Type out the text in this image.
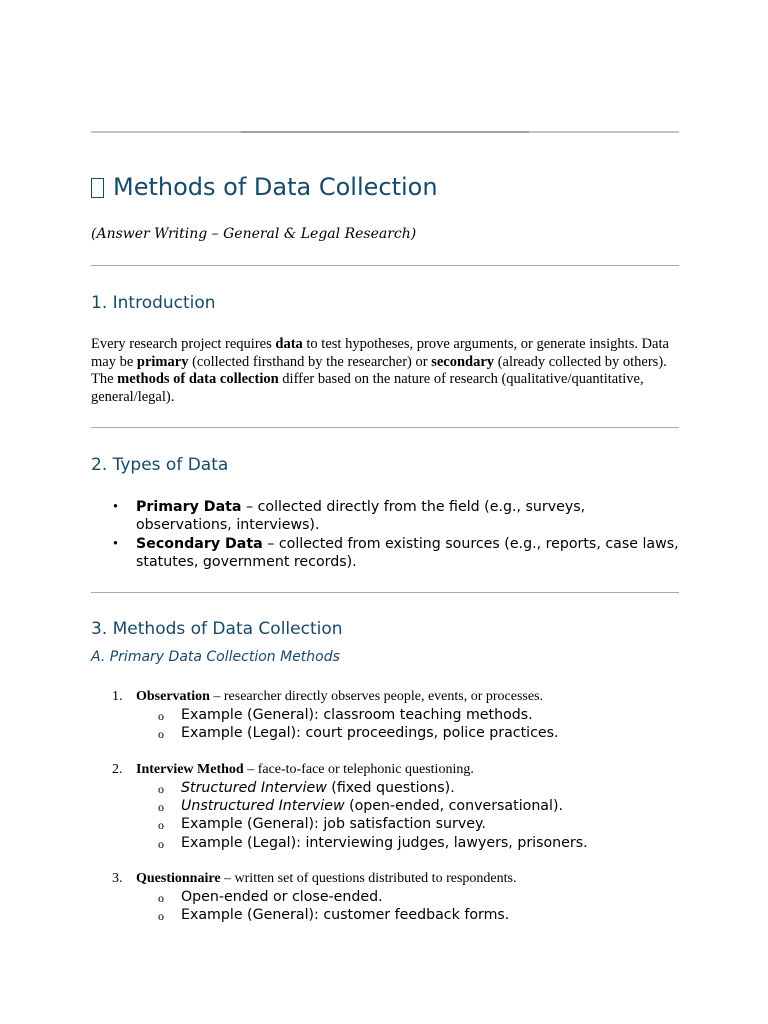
Methods of Data Collection

(Answer Writing – General & Legal Research)

1. Introduction

Every research project requires data to test hypotheses, prove arguments, or generate insights. Data may be primary (collected firsthand by the researcher) or secondary (already collected by others). The methods of data collection differ based on the nature of research (qualitative/quantitative, general/legal).

2. Types of Data
• Primary Data – collected directly from the field (e.g., surveys, observations, interviews).
• Secondary Data – collected from existing sources (e.g., reports, case laws, statutes, government records).
3. Methods of Data Collection
A. Primary Data Collection Methods
1. Observation – researcher directly observes people, events, or processes.
o Example (General): classroom teaching methods.
o Example (Legal): court proceedings, police practices.
2. Interview Method – face-to-face or telephonic questioning.
o Structured Interview (fixed questions).
o Unstructured Interview (open-ended, conversational).
o Example (General): job satisfaction survey.
o Example (Legal): interviewing judges, lawyers, prisoners.
3. Questionnaire – written set of questions distributed to respondents.
o Open-ended or close-ended.
o Example (General): customer feedback forms.
